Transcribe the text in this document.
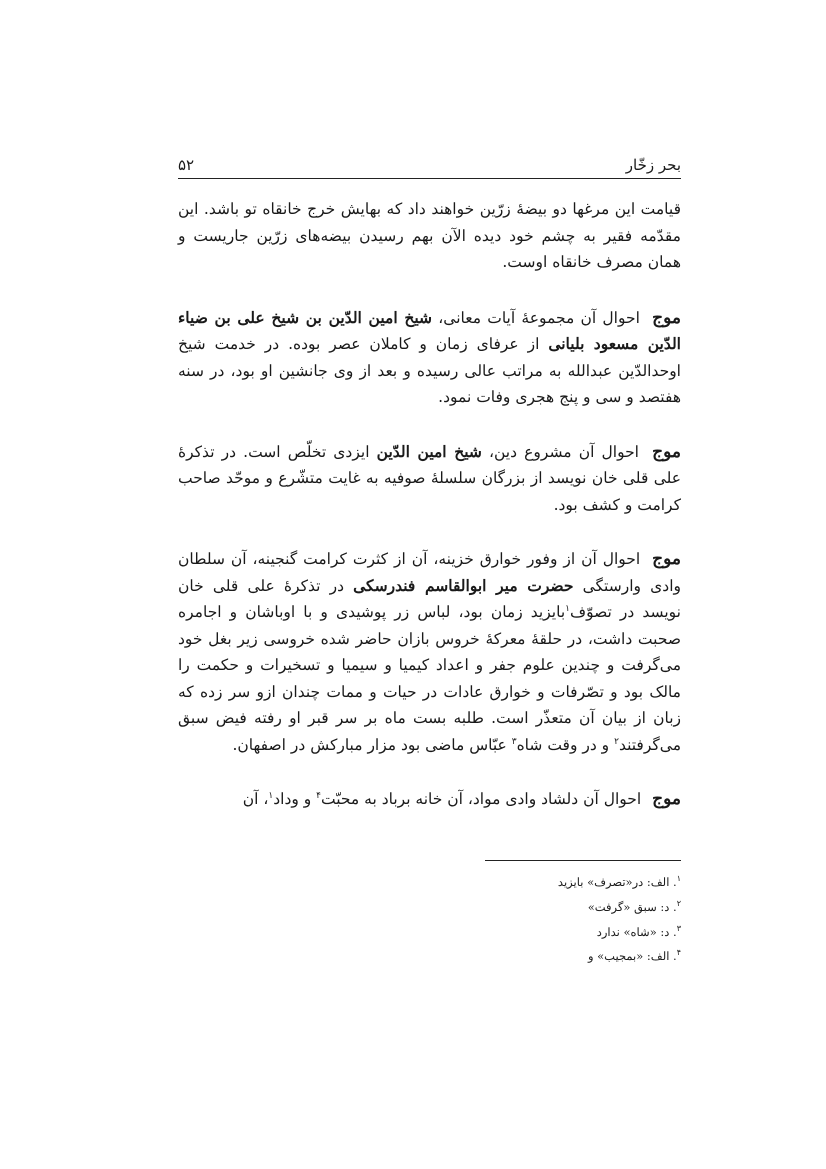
بحر زخّار
۵۲

قیامت این مرغها دو بیضهٔ زرّین خواهند داد که بهایش خرج خانقاه تو باشد. این مقدّمه فقیر به چشم خود دیده الآن بهم رسیدن بیضه‌های زرّین جاریست و همان مصرف خانقاه اوست.

موج احوال آن مجموعهٔ آیات معانی، شیخ امین الدّین بن شیخ علی بن ضیاء الدّین مسعود بلیانی از عرفای زمان و کاملان عصر بوده. در خدمت شیخ اوحدالدّین عبدالله به مراتب عالی رسیده و بعد از وی جانشین او بود، در سنه هفتصد و سی و پنج هجری وفات نمود.

موج احوال آن مشروع دین، شیخ امین الدّین ایزدی تخلّص است. در تذکرهٔ علی قلی خان نویسد از بزرگان سلسلهٔ صوفیه به غایت متشّرع و موحّد صاحب کرامت و کشف بود.

موج احوال آن از وفور خوارق خزینه، آن از کثرت کرامت گنجینه، آن سلطان وادی وارستگی حضرت میر ابوالقاسم فندرسکی در تذکرهٔ علی قلی خان نویسد در تصوّف$^۱$بایزید زمان بود، لباس زر پوشیدی و با اوباشان و اجامره صحبت داشت، در حلقهٔ معرکهٔ خروس بازان حاضر شده خروسی زیر بغل خود می‌گرفت و چندین علوم جفر و اعداد کیمیا و سیمیا و تسخیرات و حکمت را مالک بود و تصّرفات و خوارق عادات در حیات و ممات چندان ازو سر زده که زبان از بیان آن متعذّر است. طلبه بست ماه بر سر قبر او رفته فیض سبق می‌گرفتند$^۲$ و در وقت شاه$^۳$ عبّاس ماضی بود مزار مبارکش در اصفهان.

موج احوال آن دلشاد وادی مواد، آن خانه برباد به محبّت$^۴$ و وداد$^۱$، آن

$^۱$. الف: در«تصرف» بایزید

$^۲$. د: سبق «گرفت»

$^۳$. د: «شاه» ندارد

$^۴$. الف: «بمجیب» و
